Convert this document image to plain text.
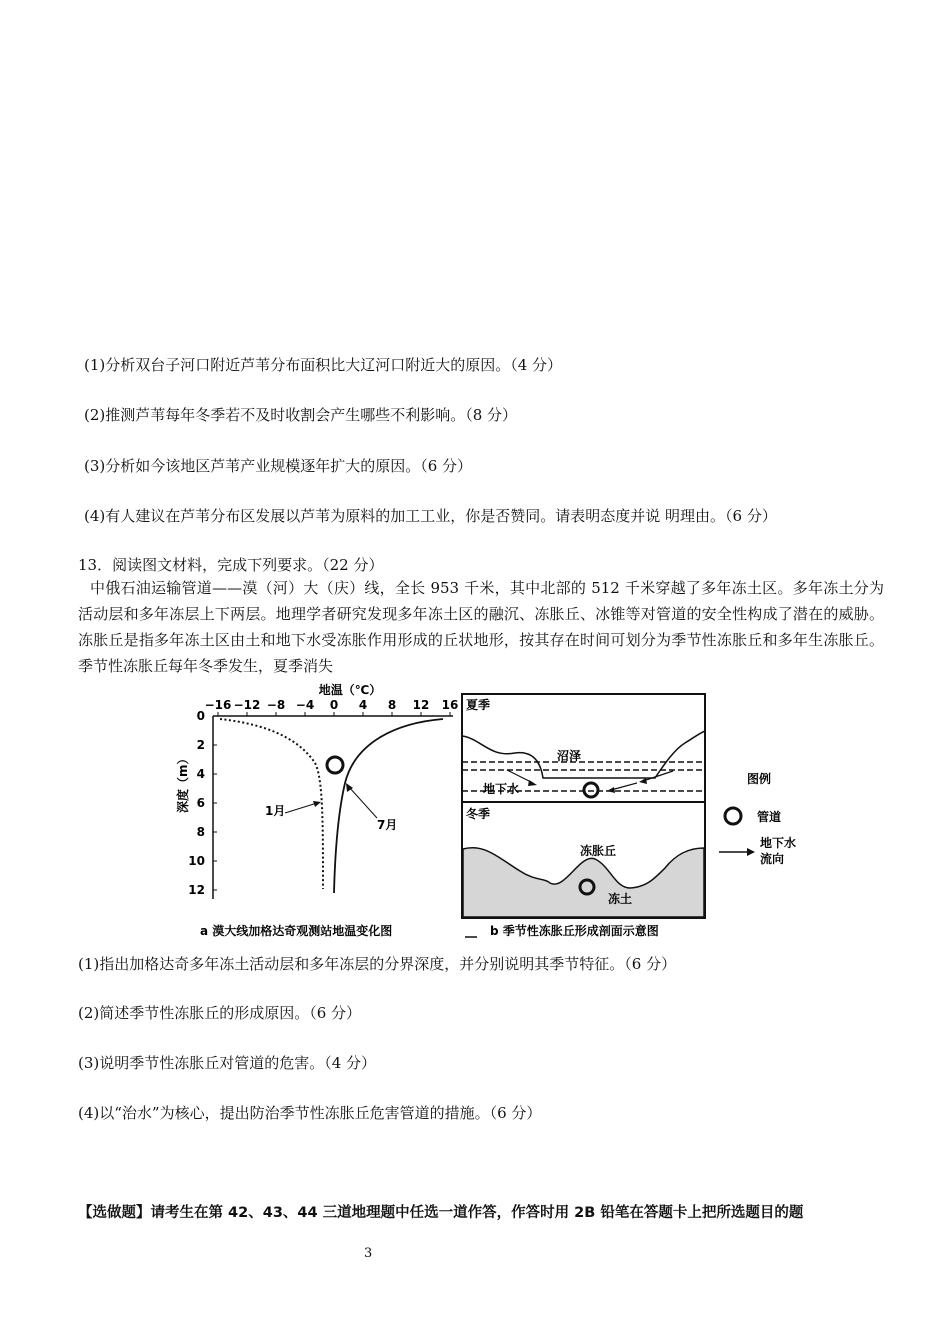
(1)分析双台子河口附近芦苇分布面积比大辽河口附近大的原因。（4 分）
(2)推测芦苇每年冬季若不及时收割会产生哪些不利影响。（8 分）
(3)分析如今该地区芦苇产业规模逐年扩大的原因。（6 分）
(4)有人建议在芦苇分布区发展以芦苇为原料的加工工业，你是否赞同。请表明态度并说 明理由。（6 分）
13．阅读图文材料，完成下列要求。（22 分）
中俄石油运输管道——漠（河）大（庆）线，全长 953 千米，其中北部的 512 千米穿越了多年冻土区。多年冻土分为活动层和多年冻层上下两层。地理学者研究发现多年冻土区的融沉、冻胀丘、冰锥等对管道的安全性构成了潜在的威胁。冻胀丘是指多年冻土区由土和地下水受冻胀作用形成的丘状地形，按其存在时间可划分为季节性冻胀丘和多年生冻胀丘。季节性冻胀丘每年冬季发生，夏季消失
地温（℃）
−16 −12 −8 −4 0 4 8 12 16
0
2
4
6
8
10
12
深度（m）	1月
7月
a 漠大线加格达奇观测站地温变化图
夏季
沼泽
地下水
冬季
冻胀丘
冻土
b 季节性冻胀丘形成剖面示意图
图例
管道
地下水
流向
(1)指出加格达奇多年冻土活动层和多年冻层的分界深度，并分别说明其季节特征。（6 分）
(2)简述季节性冻胀丘的形成原因。（6 分）
(3)说明季节性冻胀丘对管道的危害。（4 分）
(4)以“治水”为核心，提出防治季节性冻胀丘危害管道的措施。（6 分）
【选做题】请考生在第 42、43、44 三道地理题中任选一道作答，作答时用 2B 铅笔在答题卡上把所选题目的题
3
